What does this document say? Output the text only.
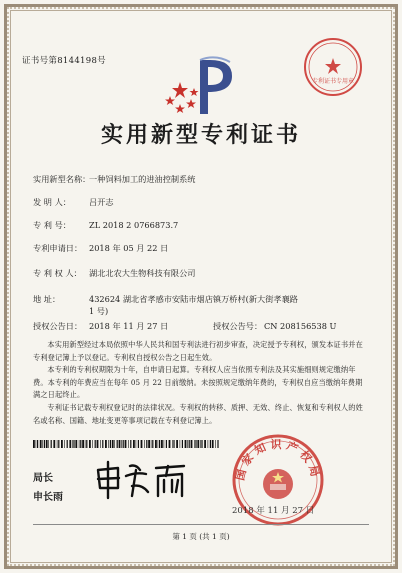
证书号第8144198号
专利证书专用章
实用新型专利证书
实用新型名称：
一种饲料加工的进油控制系统
发 明 人： 吕开志
专 利 号： ZL 2018 2 0766873.7
专利申请日： 2018 年 05 月 22 日
专 利 权 人： 湖北北农大生物科技有限公司
地 址：	432624 湖北省孝感市安陆市烟店镇万桥村(新大街孝襄路
1 号)
授权公告日： 2018 年 11 月 27 日	授权公告号： CN 208156538 U

本实用新型经过本局依照中华人民共和国专利法进行初步审查，决定授予专利权，颁发本证书并在专利登记簿上予以登记。专利权自授权公告之日起生效。

本专利的专利权期限为十年，自申请日起算。专利权人应当依照专利法及其实施细则规定缴纳年费。本专利的年费应当在每年 05 月 22 日前缴纳。未按照规定缴纳年费的，专利权自应当缴纳年费期满之日起终止。

专利证书记载专利权登记时的法律状况。专利权的转移、质押、无效、终止、恢复和专利权人的姓名或名称、国籍、地址变更等事项记载在专利登记簿上。

局长
申长雨
国家知识产权局
2018 年 11 月 27 日
第 1 页 (共 1 页)
